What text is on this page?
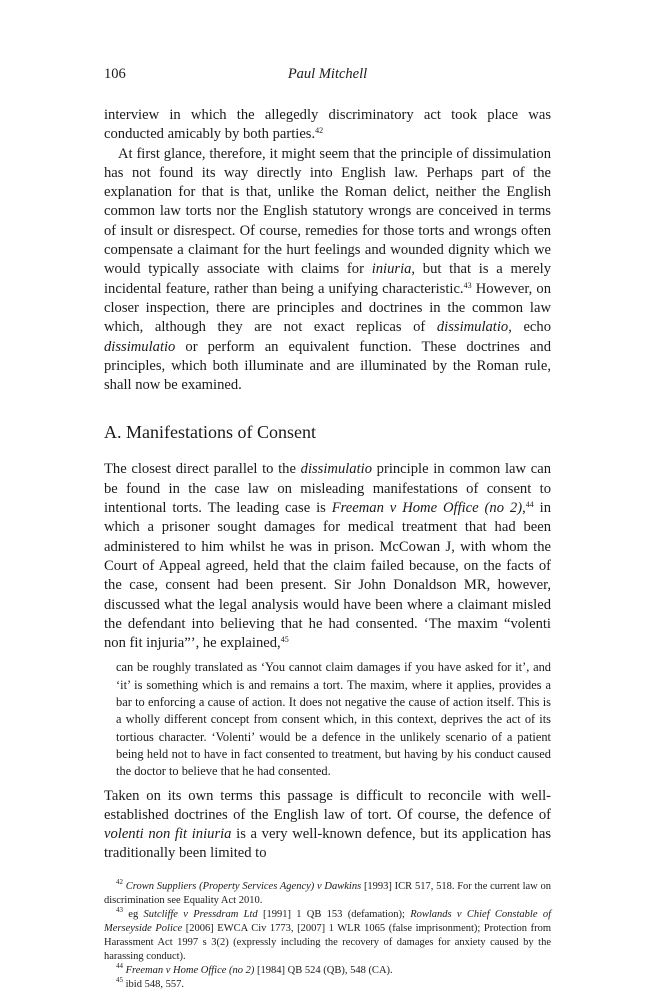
106	Paul Mitchell

interview in which the allegedly discriminatory act took place was conducted amicably by both parties.$^{42}$

At first glance, therefore, it might seem that the principle of dissimulation has not found its way directly into English law. Perhaps part of the explanation for that is that, unlike the Roman delict, neither the English common law torts nor the English statutory wrongs are conceived in terms of insult or disrespect. Of course, remedies for those torts and wrongs often compensate a claimant for the hurt feelings and wounded dignity which we would typically associate with claims for iniuria, but that is a merely incidental feature, rather than being a unifying characteristic.$^{43}$ However, on closer inspection, there are principles and doctrines in the common law which, although they are not exact replicas of dissimulatio, echo dissimulatio or perform an equivalent function. These doctrines and principles, which both illuminate and are illuminated by the Roman rule, shall now be examined.

A. Manifestations of Consent

The closest direct parallel to the dissimulatio principle in common law can be found in the case law on misleading manifestations of consent to intentional torts. The leading case is Freeman v Home Office (no 2),$^{44}$ in which a prisoner sought damages for medical treatment that had been administered to him whilst he was in prison. McCowan J, with whom the Court of Appeal agreed, held that the claim failed because, on the facts of the case, consent had been present. Sir John Donaldson MR, however, discussed what the legal analysis would have been where a claimant misled the defendant into believing that he had consented. ‘The maxim “volenti non fit injuria”’, he explained,$^{45}$

can be roughly translated as ‘You cannot claim damages if you have asked for it’, and ‘it’ is something which is and remains a tort. The maxim, where it applies, provides a bar to enforcing a cause of action. It does not negative the cause of action itself. This is a wholly different concept from consent which, in this context, deprives the act of its tortious character. ‘Volenti’ would be a defence in the unlikely scenario of a patient being held not to have in fact consented to treatment, but having by his conduct caused the doctor to believe that he had consented.

Taken on its own terms this passage is difficult to reconcile with well-established doctrines of the English law of tort. Of course, the defence of volenti non fit iniuria is a very well-known defence, but its application has traditionally been limited to

$^{42}$ Crown Suppliers (Property Services Agency) v Dawkins [1993] ICR 517, 518. For the current law on discrimination see Equality Act 2010.

$^{43}$ eg Sutcliffe v Pressdram Ltd [1991] 1 QB 153 (defamation); Rowlands v Chief Constable of Merseyside Police [2006] EWCA Civ 1773, [2007] 1 WLR 1065 (false imprisonment); Protection from Harassment Act 1997 s 3(2) (expressly including the recovery of damages for anxiety caused by the harassing conduct).

$^{44}$ Freeman v Home Office (no 2) [1984] QB 524 (QB), 548 (CA).

$^{45}$ ibid 548, 557.
